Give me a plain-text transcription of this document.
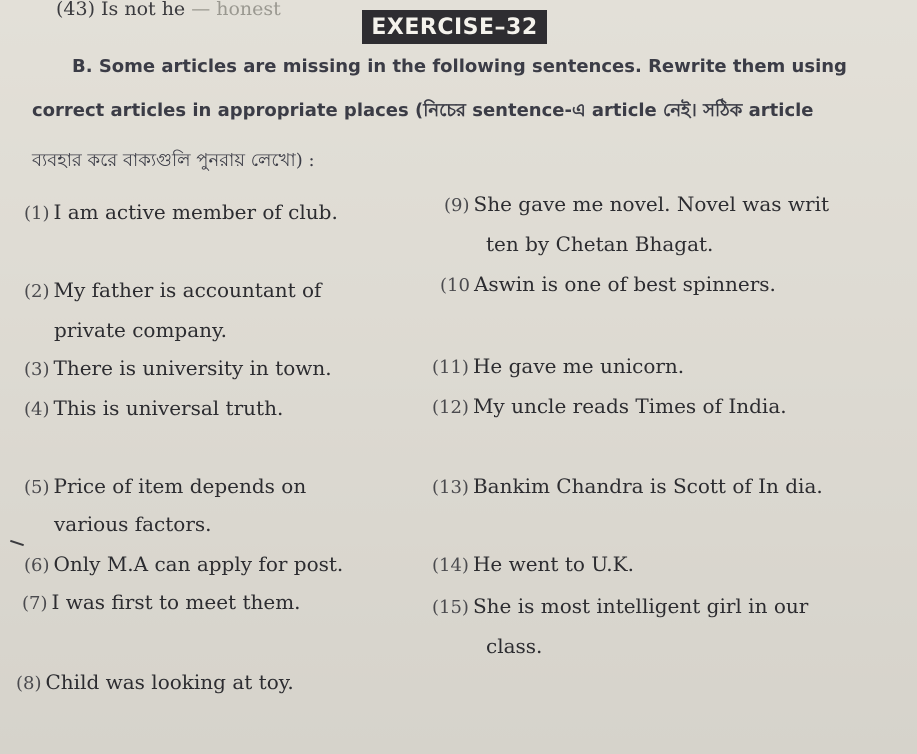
(43) Is not he — honest
EXERCISE–32
B. Some articles are missing in the following sentences. Rewrite them using
correct articles in appropriate places (নিচের sentence-এ article নেই। সঠিক article
ব্যবহার করে বাক্যগুলি পুনরায় লেখো) :
(1) I am active member of club.
(2) My father is accountant of
private company.
(3) There is university in town.
(4) This is universal truth.
(5) Price of item depends on
various factors.
(6) Only M.A can apply for post.
(7) I was first to meet them.
(8) Child was looking at toy.
(9) She gave me novel. Novel was writ
ten by Chetan Bhagat.
(10 Aswin is one of best spinners.
(11) He gave me unicorn.
(12) My uncle reads Times of India.
(13) Bankim Chandra is Scott of In dia.
(14) He went to U.K.
(15) She is most intelligent girl in our
class.
